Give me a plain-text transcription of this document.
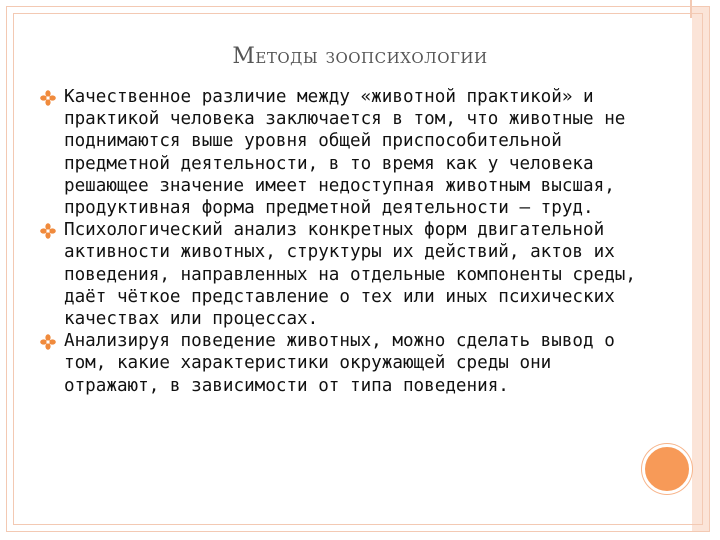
Методы зоопсихологии

Качественное различие между «животной практикой» и практикой человека заключается в том, что животные не поднимаются выше уровня общей приспособительной предметной деятельности, в то время как у человека решающее значение имеет недоступная животным высшая, продуктивная форма предметной деятельности – труд.

Психологический анализ конкретных форм двигательной активности животных, структуры их действий, актов их поведения, направленных на отдельные компоненты среды, даёт чёткое представление о тех или иных психических качествах или процессах.

Анализируя поведение животных, можно сделать вывод о том, какие характеристики окружающей среды они отражают, в зависимости от типа поведения.
